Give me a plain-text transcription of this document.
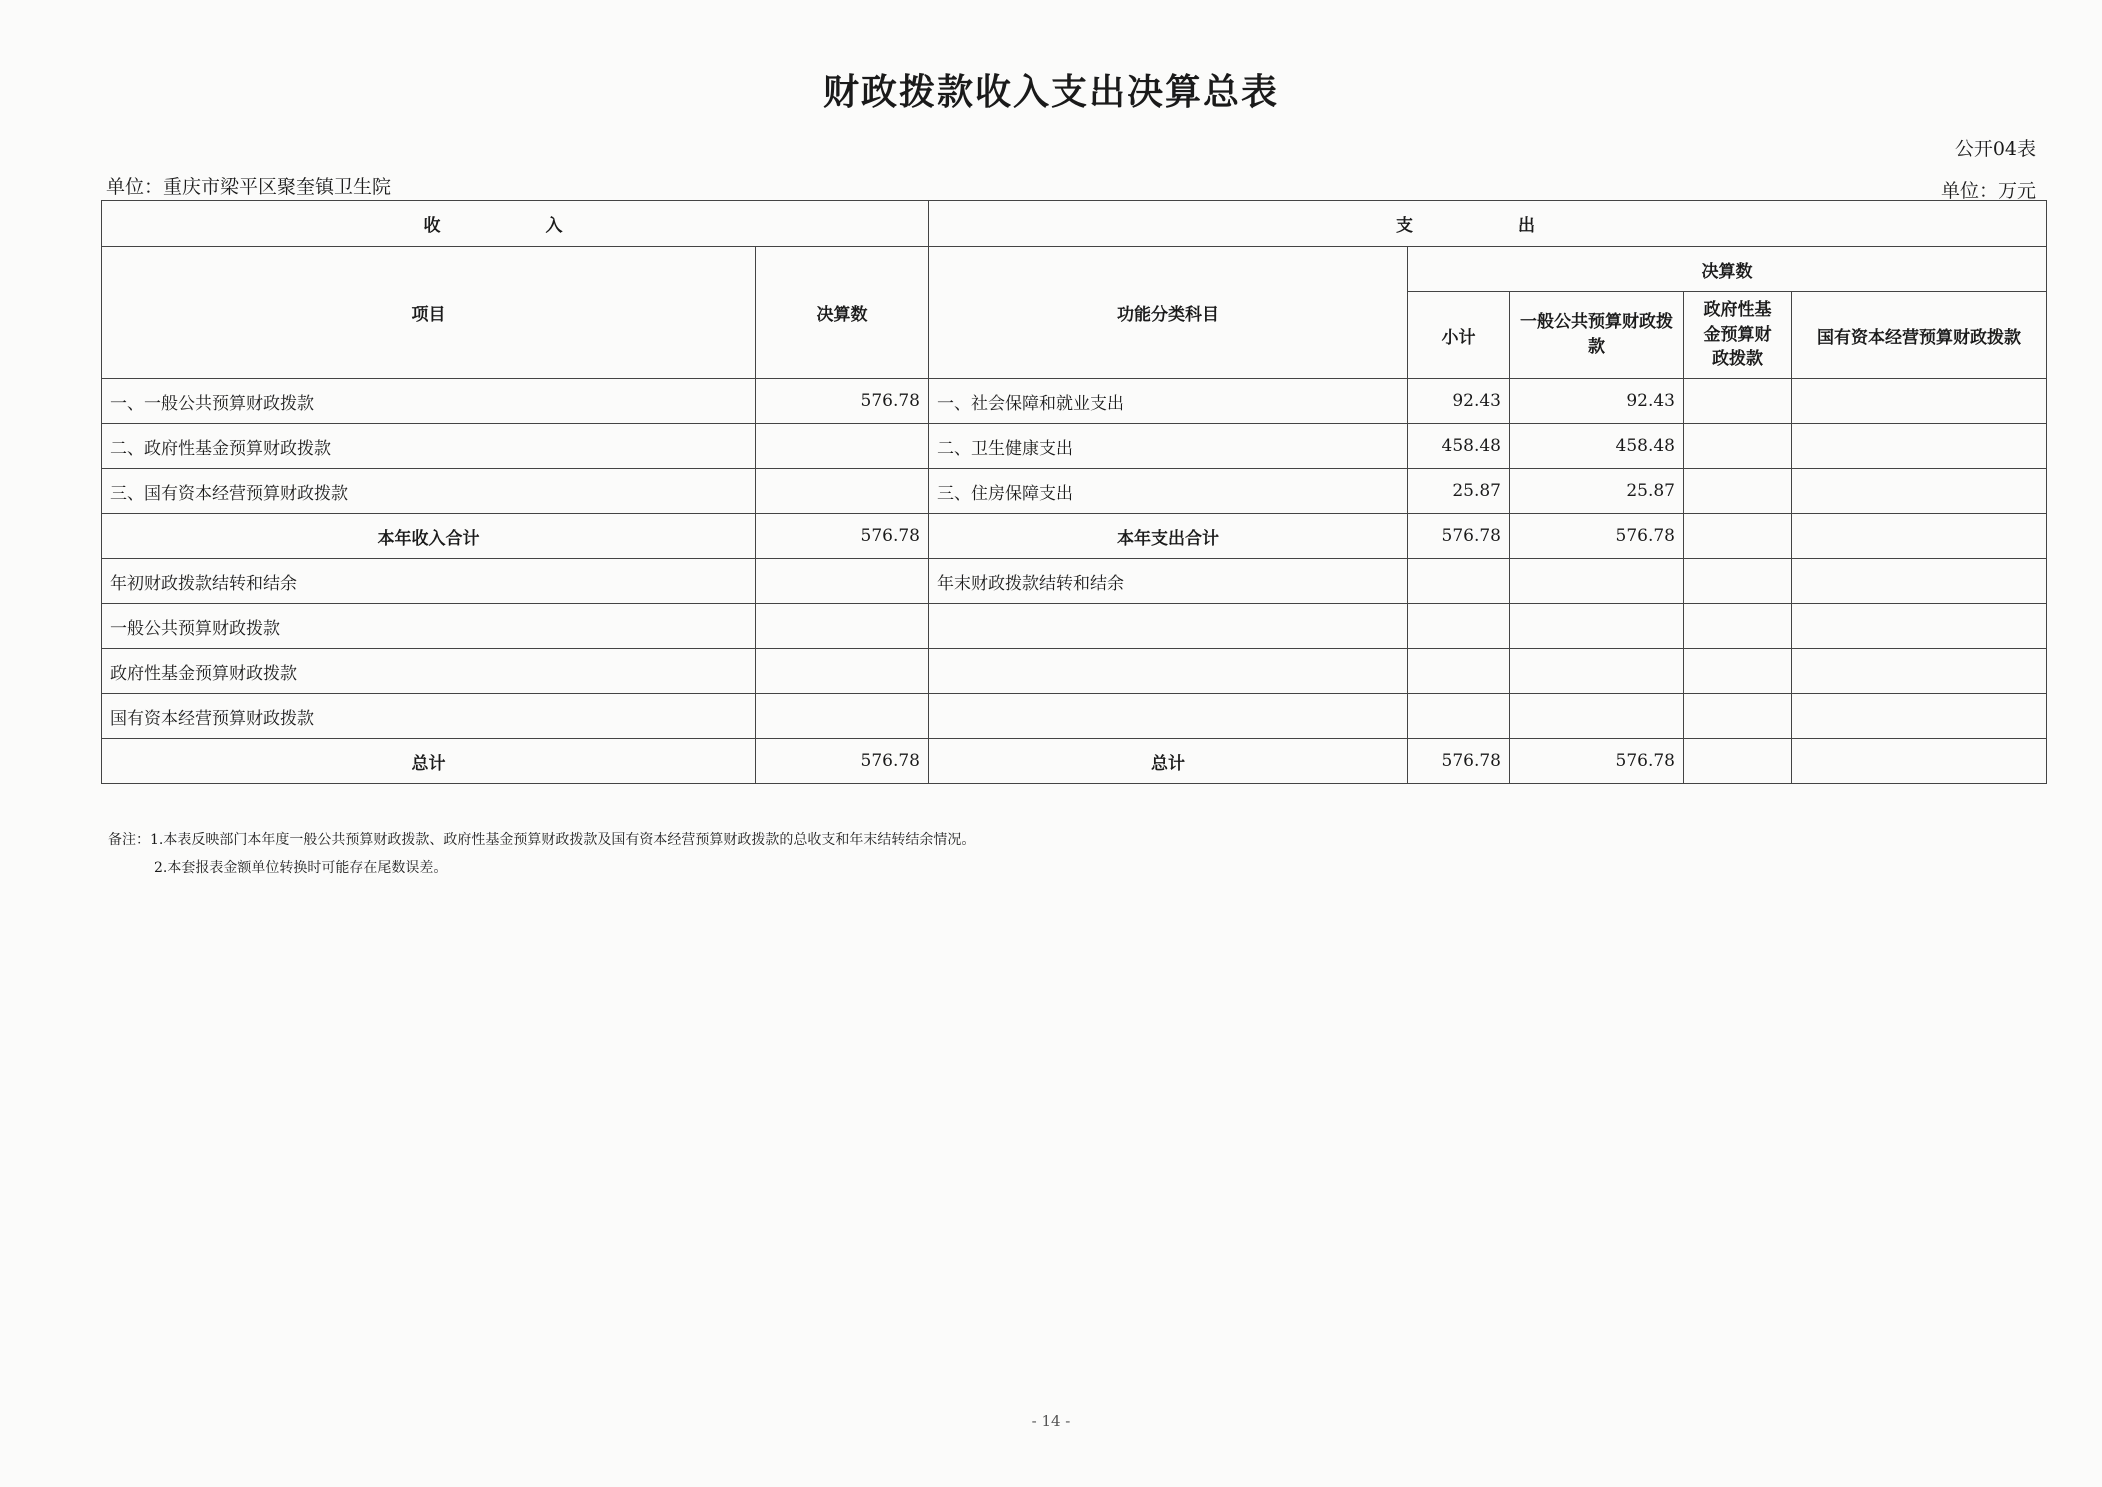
财政拨款收入支出决算总表
公开04表
单位：重庆市梁平区聚奎镇卫生院	单位：万元
收　入		支　出				
项目	决算数	功能分类科目	决算数			
			小计	一般公共预算财政拨款	政府性基金预算财政拨款	国有资本经营预算财政拨款
一、一般公共预算财政拨款	576.78	一、社会保障和就业支出	92.43	92.43		
二、政府性基金预算财政拨款		二、卫生健康支出	458.48	458.48		
三、国有资本经营预算财政拨款		三、住房保障支出	25.87	25.87		
本年收入合计	576.78	本年支出合计	576.78	576.78		
年初财政拨款结转和结余		年末财政拨款结转和结余				
一般公共预算财政拨款						
政府性基金预算财政拨款						
国有资本经营预算财政拨款						
总计	576.78	总计	576.78	576.78		
备注：1.本表反映部门本年度一般公共预算财政拨款、政府性基金预算财政拨款及国有资本经营预算财政拨款的总收支和年末结转结余情况。
2.本套报表金额单位转换时可能存在尾数误差。
- 14 -
